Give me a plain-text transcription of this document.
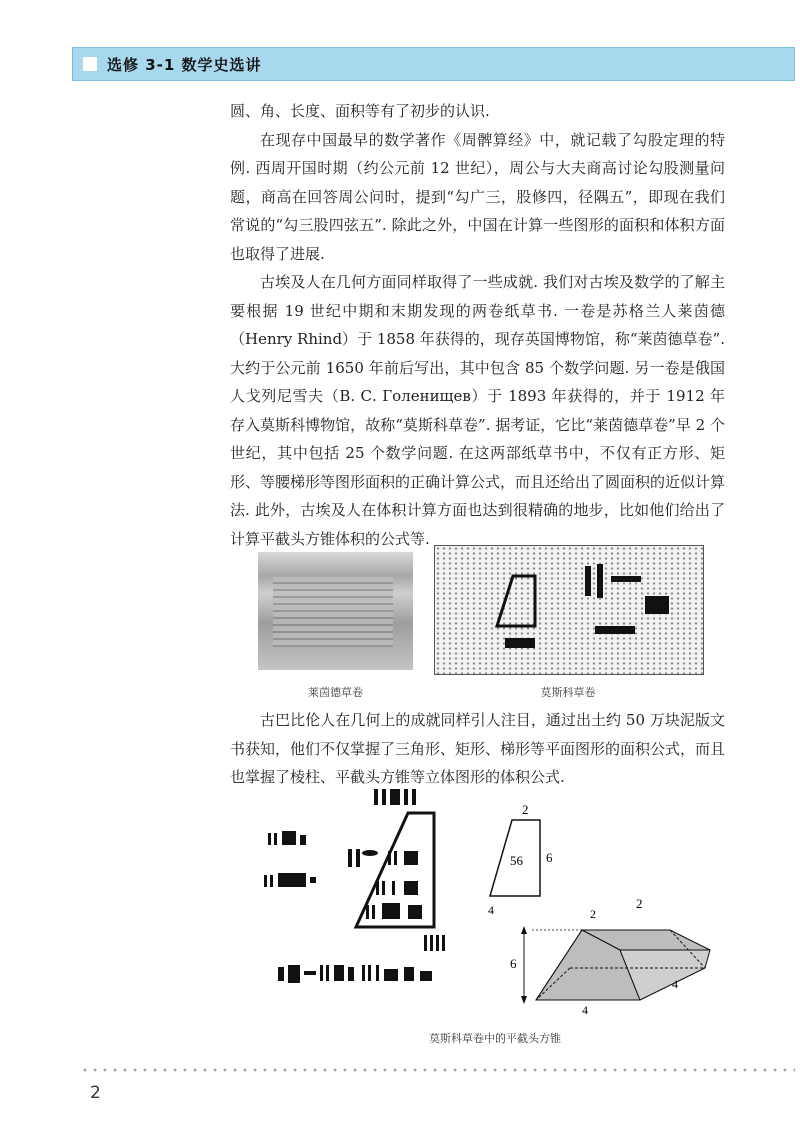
选修 3-1 数学史选讲

圆、角、长度、面积等有了初步的认识.

在现存中国最早的数学著作《周髀算经》中，就记载了勾股定理的特例. 西周开国时期（约公元前 12 世纪），周公与大夫商高讨论勾股测量问题，商高在回答周公问时，提到“勾广三，股修四，径隅五”，即现在我们常说的“勾三股四弦五”. 除此之外，中国在计算一些图形的面积和体积方面也取得了进展.

古埃及人在几何方面同样取得了一些成就. 我们对古埃及数学的了解主要根据 19 世纪中期和末期发现的两卷纸草书. 一卷是苏格兰人莱茵德（Henry Rhind）于 1858 年获得的，现存英国博物馆，称“莱茵德草卷”. 大约于公元前 1650 年前后写出，其中包含 85 个数学问题. 另一卷是俄国人戈列尼雪夫（В. С. Голенищев）于 1893 年获得的，并于 1912 年存入莫斯科博物馆，故称“莫斯科草卷”. 据考证，它比“莱茵德草卷”早 2 个世纪，其中包括 25 个数学问题. 在这两部纸草书中，不仅有正方形、矩形、等腰梯形等图形面积的正确计算公式，而且还给出了圆面积的近似计算法. 此外，古埃及人在体积计算方面也达到很精确的地步，比如他们给出了计算平截头方锥体积的公式等.

莱茵德草卷	莫斯科草卷

古巴比伦人在几何上的成就同样引人注目，通过出土约 50 万块泥版文书获知，他们不仅掌握了三角形、矩形、梯形等平面图形的面积公式，而且也掌握了棱柱、平截头方锥等立体图形的体积公式.

2
56 6
4	2
2
6
4
4
莫斯科草卷中的平截头方锥
2
